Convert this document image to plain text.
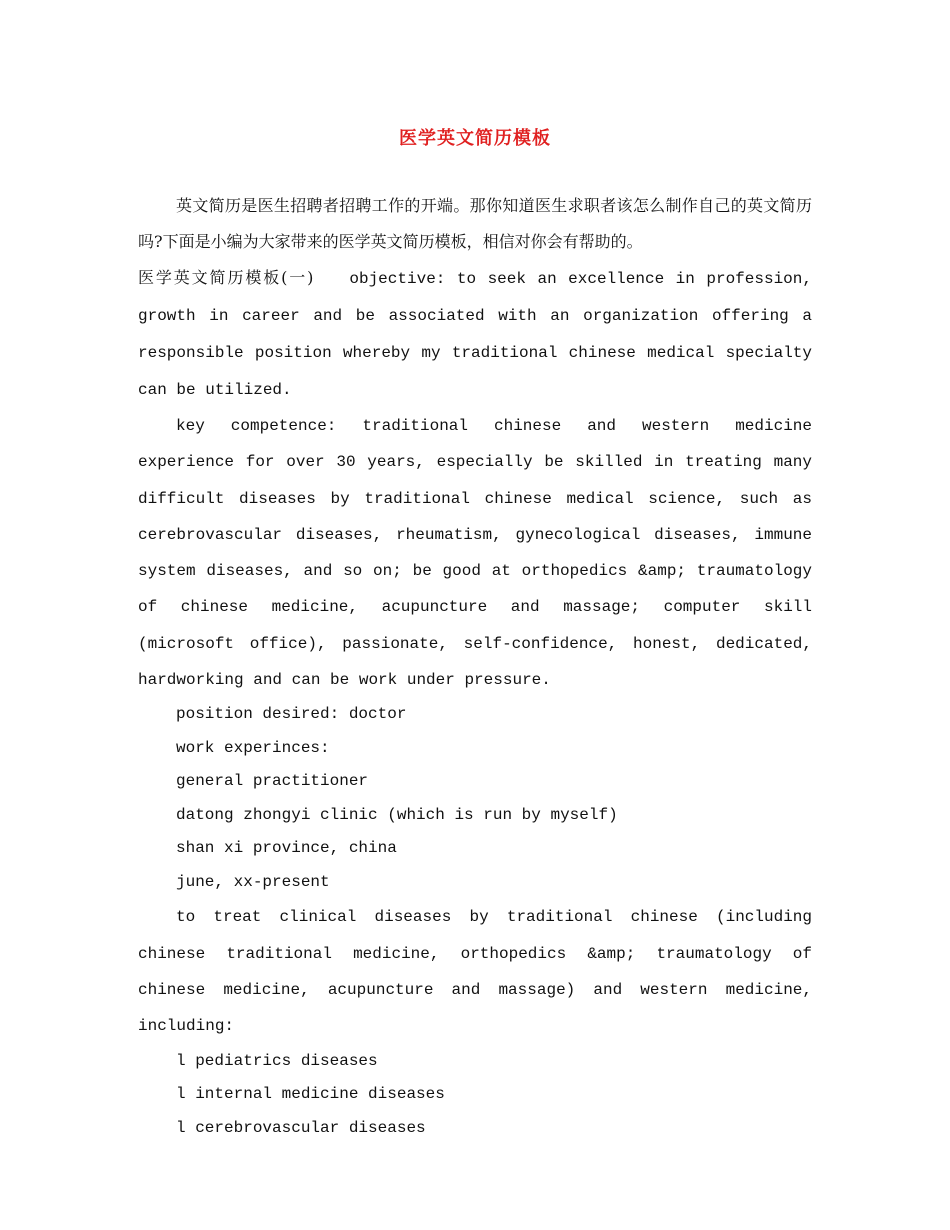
医学英文简历模板

英文简历是医生招聘者招聘工作的开端。那你知道医生求职者该怎么制作自己的英文简历吗?下面是小编为大家带来的医学英文简历模板，相信对你会有帮助的。
医学英文简历模板(一) objective: to seek an excellence in profession, growth in career and be associated with an organization offering a responsible position whereby my traditional chinese medical specialty can be utilized.

key competence: traditional chinese and western medicine experience for over 30 years, especially be skilled in treating many difficult diseases by traditional chinese medical science, such as cerebrovascular diseases, rheumatism, gynecological diseases, immune system diseases, and so on; be good at orthopedics &amp; traumatology of chinese medicine, acupuncture and massage; computer skill (microsoft office), passionate, self-confidence, honest, dedicated, hardworking and can be work under pressure.

position desired: doctor

work experinces:

general practitioner

datong zhongyi clinic (which is run by myself)

shan xi province, china

june, xx-present

to treat clinical diseases by traditional chinese (including chinese traditional medicine, orthopedics &amp; traumatology of chinese medicine, acupuncture and massage) and western medicine, including:

l pediatrics diseases

l internal medicine diseases

l cerebrovascular diseases
